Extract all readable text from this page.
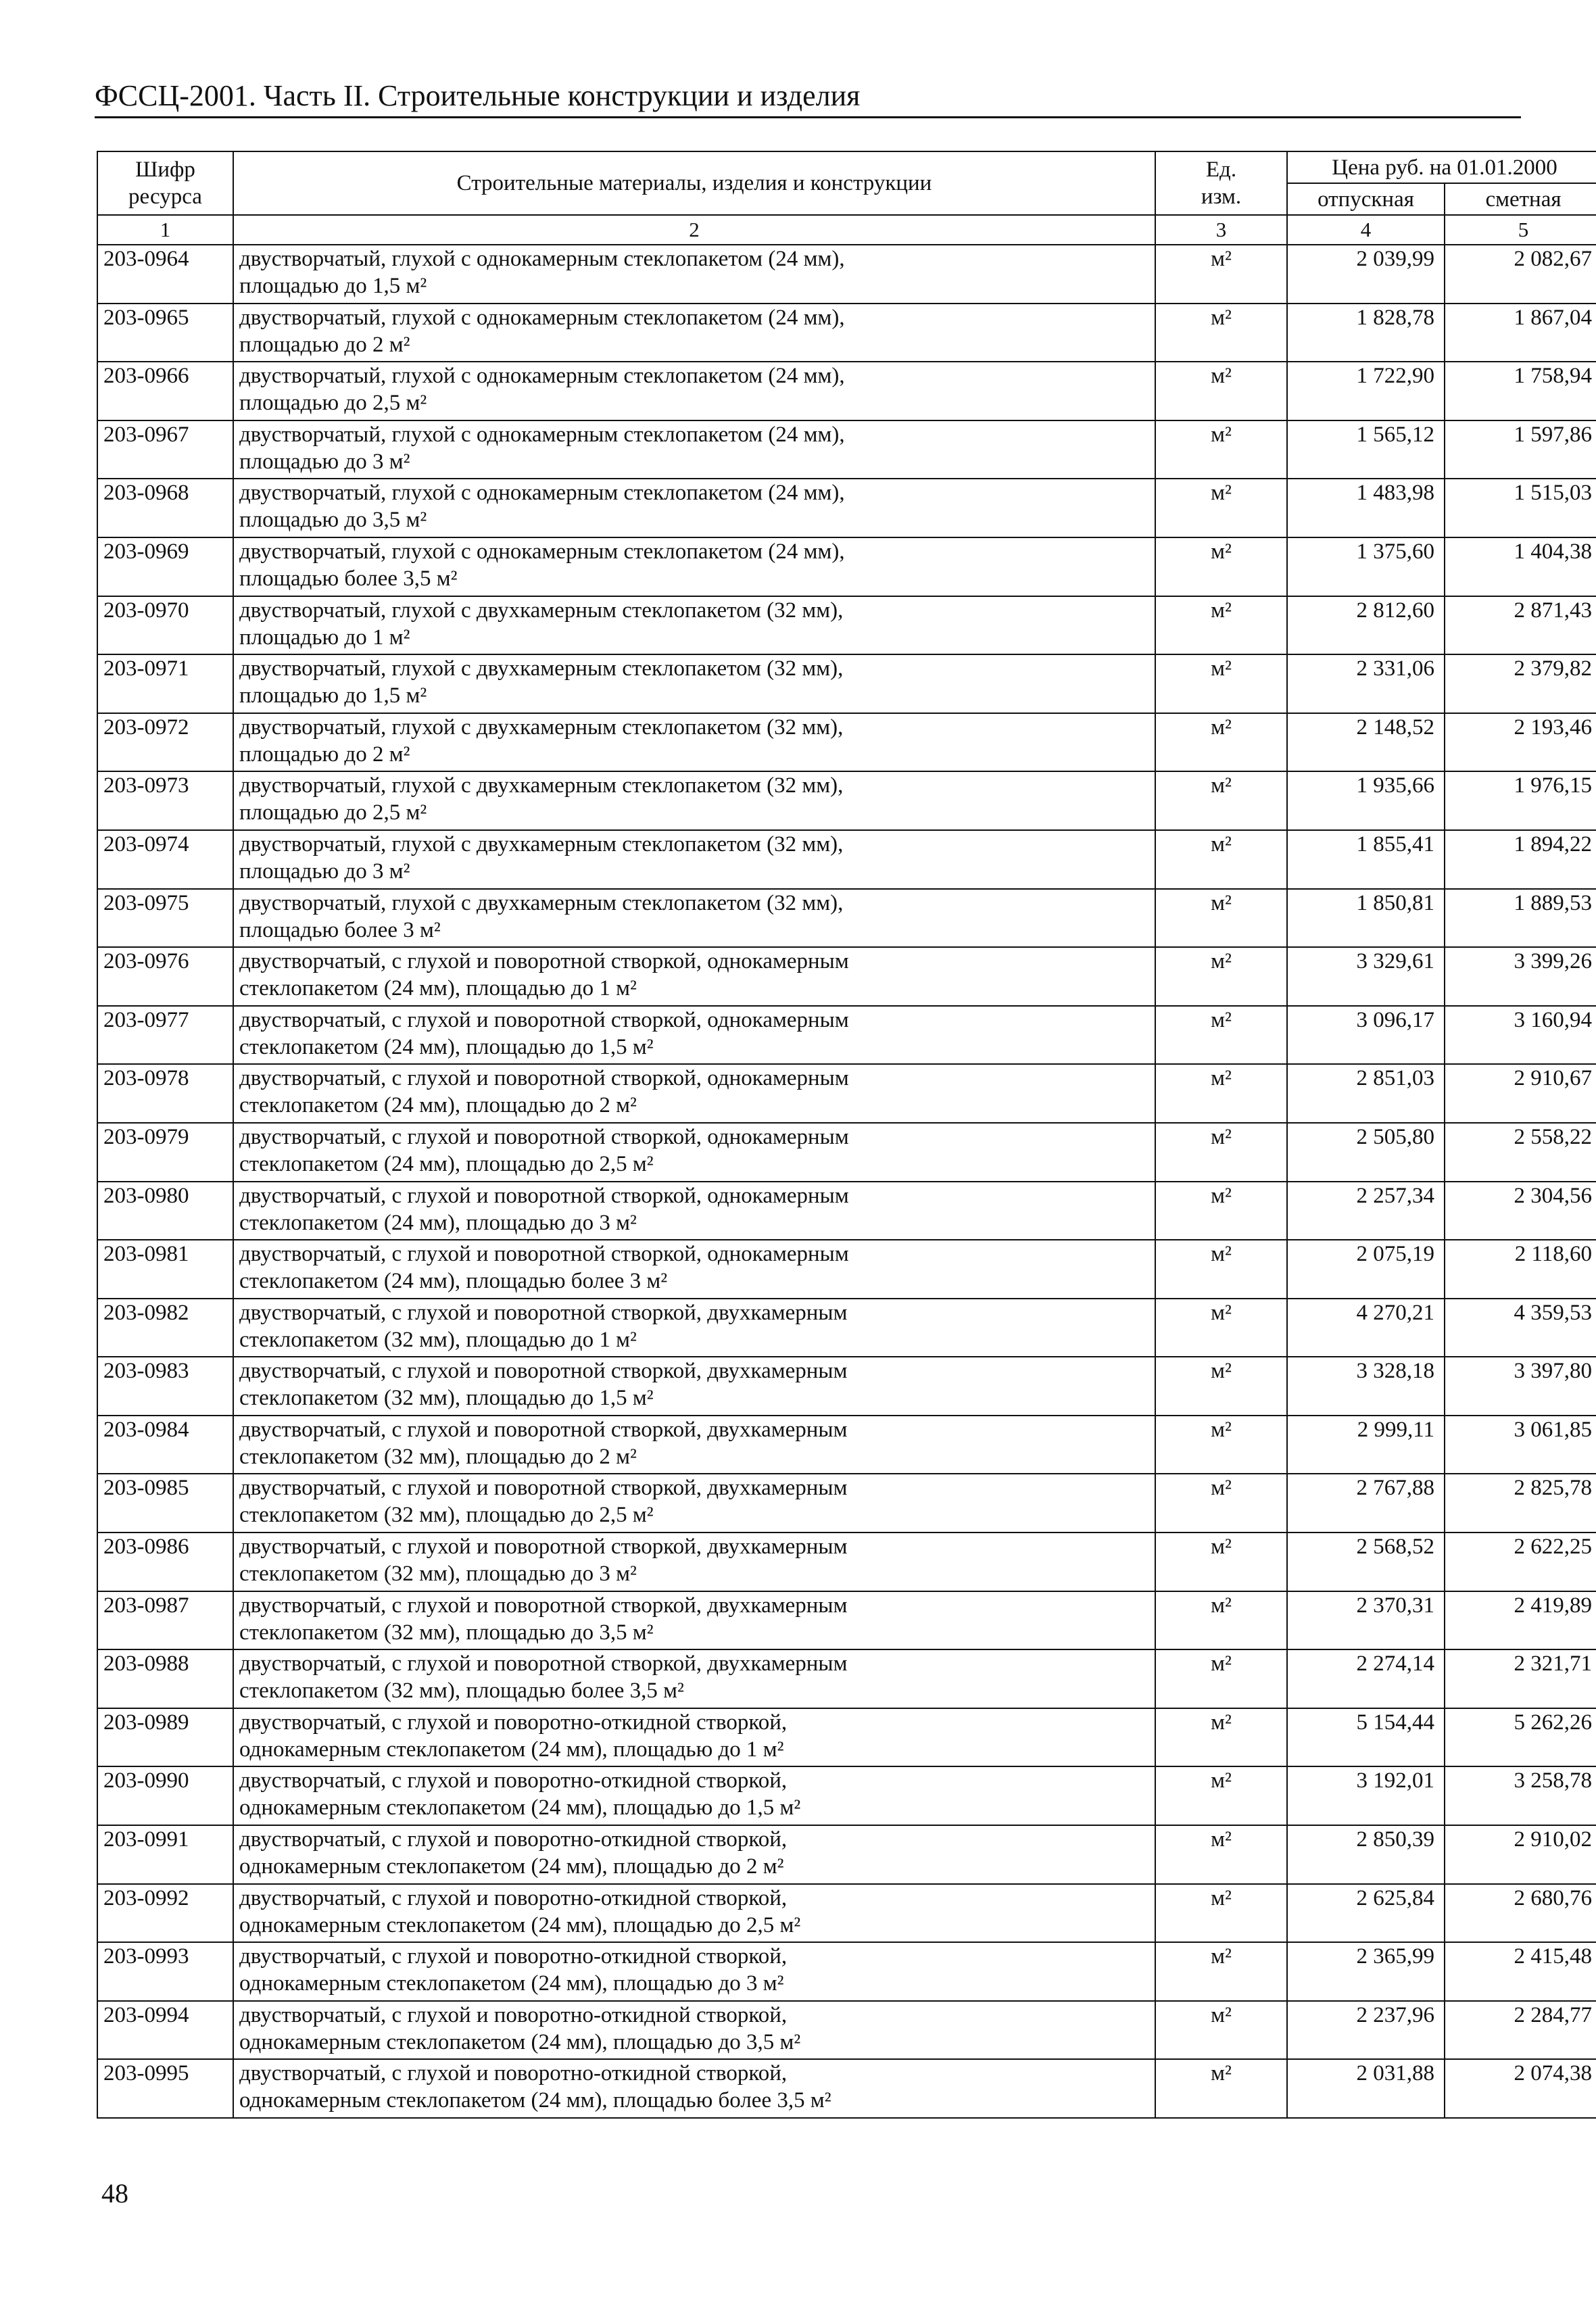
ФССЦ-2001. Часть II. Строительные конструкции и изделия
Шифр
ресурса	Строительные материалы, изделия и конструкции	Ед.
изм.	Цена руб. на 01.01.2000	
			отпускная	сметная
1	2	3	4	5
203-0964	двустворчатый, глухой с однокамерным стеклопакетом (24 мм),
площадью до 1,5 м²	м²	2 039,99	2 082,67
203-0965	двустворчатый, глухой с однокамерным стеклопакетом (24 мм),
площадью до 2 м²	м²	1 828,78	1 867,04
203-0966	двустворчатый, глухой с однокамерным стеклопакетом (24 мм),
площадью до 2,5 м²	м²	1 722,90	1 758,94
203-0967	двустворчатый, глухой с однокамерным стеклопакетом (24 мм),
площадью до 3 м²	м²	1 565,12	1 597,86
203-0968	двустворчатый, глухой с однокамерным стеклопакетом (24 мм),
площадью до 3,5 м²	м²	1 483,98	1 515,03
203-0969	двустворчатый, глухой с однокамерным стеклопакетом (24 мм),
площадью более 3,5 м²	м²	1 375,60	1 404,38
203-0970	двустворчатый, глухой с двухкамерным стеклопакетом (32 мм),
площадью до 1 м²	м²	2 812,60	2 871,43
203-0971	двустворчатый, глухой с двухкамерным стеклопакетом (32 мм),
площадью до 1,5 м²	м²	2 331,06	2 379,82
203-0972	двустворчатый, глухой с двухкамерным стеклопакетом (32 мм),
площадью до 2 м²	м²	2 148,52	2 193,46
203-0973	двустворчатый, глухой с двухкамерным стеклопакетом (32 мм),
площадью до 2,5 м²	м²	1 935,66	1 976,15
203-0974	двустворчатый, глухой с двухкамерным стеклопакетом (32 мм),
площадью до 3 м²	м²	1 855,41	1 894,22
203-0975	двустворчатый, глухой с двухкамерным стеклопакетом (32 мм),
площадью более 3 м²	м²	1 850,81	1 889,53
203-0976	двустворчатый, с глухой и поворотной створкой, однокамерным
стеклопакетом (24 мм), площадью до 1 м²	м²	3 329,61	3 399,26
203-0977	двустворчатый, с глухой и поворотной створкой, однокамерным
стеклопакетом (24 мм), площадью до 1,5 м²	м²	3 096,17	3 160,94
203-0978	двустворчатый, с глухой и поворотной створкой, однокамерным
стеклопакетом (24 мм), площадью до 2 м²	м²	2 851,03	2 910,67
203-0979	двустворчатый, с глухой и поворотной створкой, однокамерным
стеклопакетом (24 мм), площадью до 2,5 м²	м²	2 505,80	2 558,22
203-0980	двустворчатый, с глухой и поворотной створкой, однокамерным
стеклопакетом (24 мм), площадью до 3 м²	м²	2 257,34	2 304,56
203-0981	двустворчатый, с глухой и поворотной створкой, однокамерным
стеклопакетом (24 мм), площадью более 3 м²	м²	2 075,19	2 118,60
203-0982	двустворчатый, с глухой и поворотной створкой, двухкамерным
стеклопакетом (32 мм), площадью до 1 м²	м²	4 270,21	4 359,53
203-0983	двустворчатый, с глухой и поворотной створкой, двухкамерным
стеклопакетом (32 мм), площадью до 1,5 м²	м²	3 328,18	3 397,80
203-0984	двустворчатый, с глухой и поворотной створкой, двухкамерным
стеклопакетом (32 мм), площадью до 2 м²	м²	2 999,11	3 061,85
203-0985	двустворчатый, с глухой и поворотной створкой, двухкамерным
стеклопакетом (32 мм), площадью до 2,5 м²	м²	2 767,88	2 825,78
203-0986	двустворчатый, с глухой и поворотной створкой, двухкамерным
стеклопакетом (32 мм), площадью до 3 м²	м²	2 568,52	2 622,25
203-0987	двустворчатый, с глухой и поворотной створкой, двухкамерным
стеклопакетом (32 мм), площадью до 3,5 м²	м²	2 370,31	2 419,89
203-0988	двустворчатый, с глухой и поворотной створкой, двухкамерным
стеклопакетом (32 мм), площадью более 3,5 м²	м²	2 274,14	2 321,71
203-0989	двустворчатый, с глухой и поворотно-откидной створкой,
однокамерным стеклопакетом (24 мм), площадью до 1 м²	м²	5 154,44	5 262,26
203-0990	двустворчатый, с глухой и поворотно-откидной створкой,
однокамерным стеклопакетом (24 мм), площадью до 1,5 м²	м²	3 192,01	3 258,78
203-0991	двустворчатый, с глухой и поворотно-откидной створкой,
однокамерным стеклопакетом (24 мм), площадью до 2 м²	м²	2 850,39	2 910,02
203-0992	двустворчатый, с глухой и поворотно-откидной створкой,
однокамерным стеклопакетом (24 мм), площадью до 2,5 м²	м²	2 625,84	2 680,76
203-0993	двустворчатый, с глухой и поворотно-откидной створкой,
однокамерным стеклопакетом (24 мм), площадью до 3 м²	м²	2 365,99	2 415,48
203-0994	двустворчатый, с глухой и поворотно-откидной створкой,
однокамерным стеклопакетом (24 мм), площадью до 3,5 м²	м²	2 237,96	2 284,77
203-0995	двустворчатый, с глухой и поворотно-откидной створкой,
однокамерным стеклопакетом (24 мм), площадью более 3,5 м²	м²	2 031,88	2 074,38
48
